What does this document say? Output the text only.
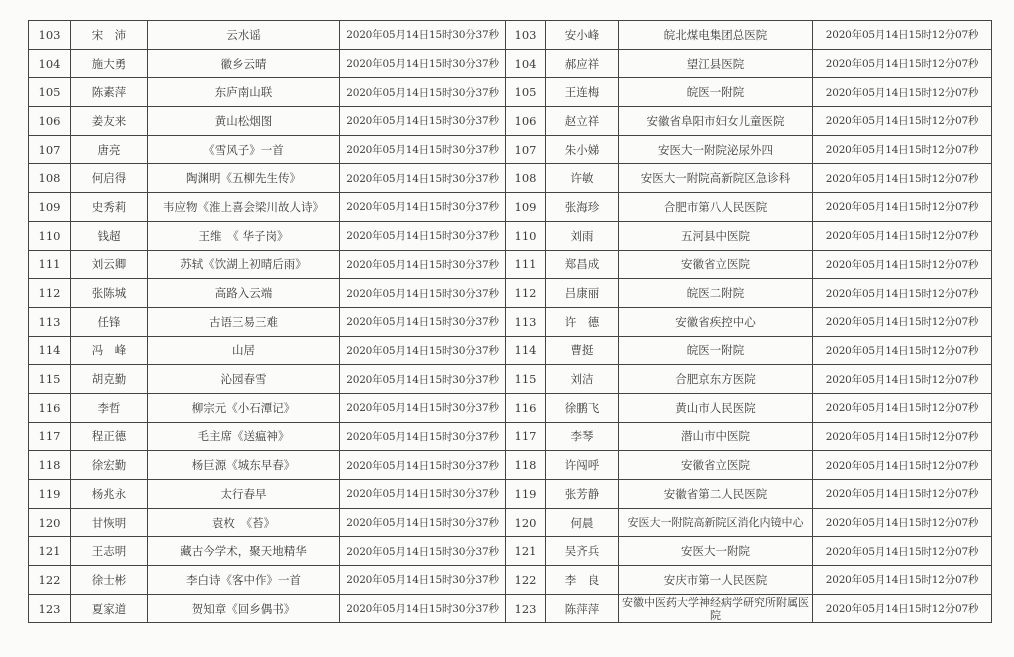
103	宋　沛	云水谣	2020年05月14日15时30分37秒	103	安小峰	皖北煤电集团总医院	2020年05月14日15时12分07秒
104	施大勇	徽乡云晴	2020年05月14日15时30分37秒	104	郝应祥	望江县医院	2020年05月14日15时12分07秒
105	陈素萍	东庐南山联	2020年05月14日15时30分37秒	105	王连梅	皖医一附院	2020年05月14日15时12分07秒
106	姜友来	黄山松烟图	2020年05月14日15时30分37秒	106	赵立祥	安徽省阜阳市妇女儿童医院	2020年05月14日15时12分07秒
107	唐亮	《雪风子》一首	2020年05月14日15时30分37秒	107	朱小娣	安医大一附院泌尿外四	2020年05月14日15时12分07秒
108	何启得	陶渊明《五柳先生传》	2020年05月14日15时30分37秒	108	许敏	安医大一附院高新院区急诊科	2020年05月14日15时12分07秒
109	史秀莉	韦应物《淮上喜会梁川故人诗》	2020年05月14日15时30分37秒	109	张海珍	合肥市第八人民医院	2020年05月14日15时12分07秒
110	钱超	王维　《 华子岗》	2020年05月14日15时30分37秒	110	刘雨	五河县中医院	2020年05月14日15时12分07秒
111	刘云卿	苏轼《饮湖上初晴后雨》	2020年05月14日15时30分37秒	111	郑昌成	安徽省立医院	2020年05月14日15时12分07秒
112	张陈城	高路入云端	2020年05月14日15时30分37秒	112	吕康丽	皖医二附院	2020年05月14日15时12分07秒
113	任锋	古语三易三难	2020年05月14日15时30分37秒	113	许　德	安徽省疾控中心	2020年05月14日15时12分07秒
114	冯　峰	山居	2020年05月14日15时30分37秒	114	曹挺	皖医一附院	2020年05月14日15时12分07秒
115	胡克勤	沁园春雪	2020年05月14日15时30分37秒	115	刘洁	合肥京东方医院	2020年05月14日15时12分07秒
116	李哲	柳宗元《小石潭记》	2020年05月14日15时30分37秒	116	徐鹏飞	黄山市人民医院	2020年05月14日15时12分07秒
117	程正德	毛主席《送瘟神》	2020年05月14日15时30分37秒	117	李琴	潜山市中医院	2020年05月14日15时12分07秒
118	徐宏勤	杨巨源《城东早春》	2020年05月14日15时30分37秒	118	许闯呼	安徽省立医院	2020年05月14日15时12分07秒
119	杨兆永	太行春早	2020年05月14日15时30分37秒	119	张芳静	安徽省第二人民医院	2020年05月14日15时12分07秒
120	甘恢明	袁枚　《苔》	2020年05月14日15时30分37秒	120	何晨	安医大一附院高新院区消化内镜中心	2020年05月14日15时12分07秒
121	王志明	藏古今学术，聚天地精华	2020年05月14日15时30分37秒	121	吴齐兵	安医大一附院	2020年05月14日15时12分07秒
122	徐士彬	李白诗《客中作》一首	2020年05月14日15时30分37秒	122	李　良	安庆市第一人民医院	2020年05月14日15时12分07秒
123	夏家道	贺知章《回乡偶书》	2020年05月14日15时30分37秒	123	陈萍萍	安徽中医药大学神经病学研究所附属医院	2020年05月14日15时12分07秒
